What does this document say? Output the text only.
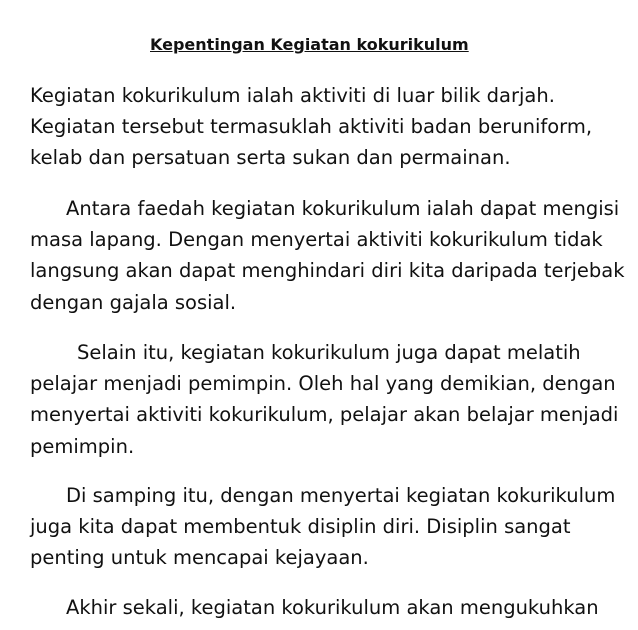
Kepentingan Kegiatan kokurikulum
Kegiatan kokurikulum ialah aktiviti di luar bilik darjah.
Kegiatan tersebut termasuklah aktiviti badan beruniform,
kelab dan persatuan serta sukan dan permainan.
Antara faedah kegiatan kokurikulum ialah dapat mengisi
masa lapang. Dengan menyertai aktiviti kokurikulum tidak
langsung akan dapat menghindari diri kita daripada terjebak
dengan gajala sosial.
Selain itu, kegiatan kokurikulum juga dapat melatih
pelajar menjadi pemimpin. Oleh hal yang demikian, dengan
menyertai aktiviti kokurikulum, pelajar akan belajar menjadi
pemimpin.
Di samping itu, dengan menyertai kegiatan kokurikulum
juga kita dapat membentuk disiplin diri. Disiplin sangat
penting untuk mencapai kejayaan.
Akhir sekali, kegiatan kokurikulum akan mengukuhkan
